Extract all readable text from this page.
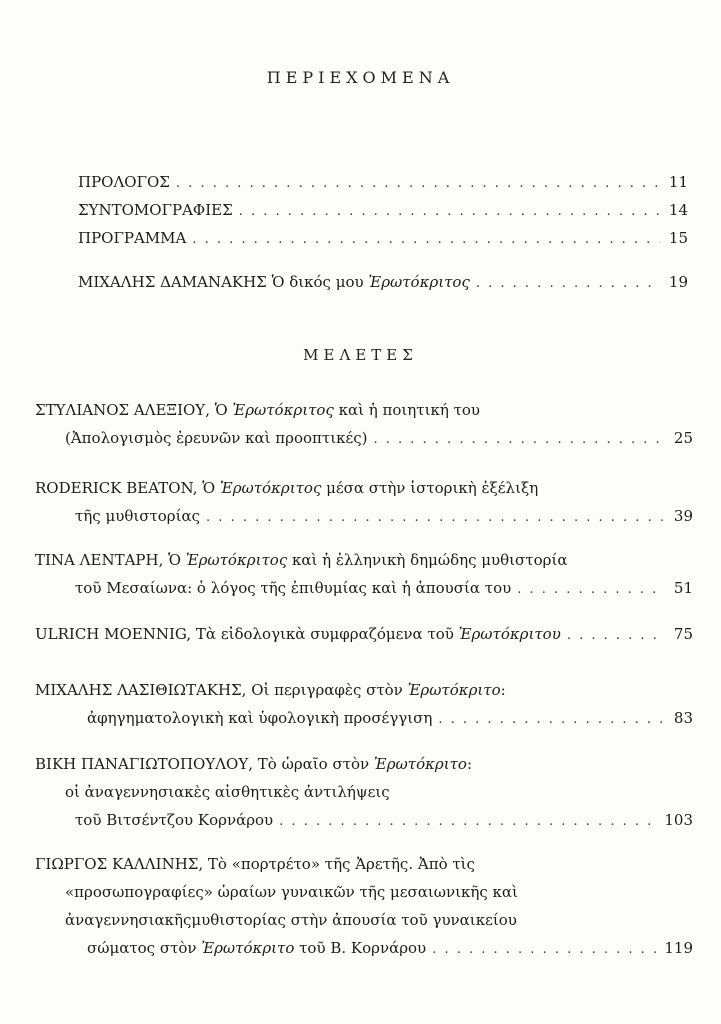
ΠΕΡΙΕΧΟΜΕΝΑ
ΠΡΟΛΟΓΟΣ . . .	11
ΣΥΝΤΟΜΟΓΡΑΦΙΕΣ . . .	14
ΠΡΟΓΡΑΜΜΑ . . .	15
ΜΙΧΑΛΗΣ ΔΑΜΑΝΑΚΗΣ Ὁ δικός μου Ἐρωτόκριτος . . .	19
ΜΕΛΕΤΕΣ
ΣΤΥΛΙΑΝΟΣ ΑΛΕΞΙΟΥ, Ὁ Ἐρωτόκριτος καὶ ἡ ποιητική του
(Ἀπολογισμὸς ἐρευνῶν καὶ προοπτικές) . . .	25
RODERICK BEATON, Ὁ Ἐρωτόκριτος μέσα στὴν ἱστορικὴ ἐξέλιξη
τῆς μυθιστορίας . . .	39
ΤΙΝΑ ΛΕΝΤΑΡΗ, Ὁ Ἐρωτόκριτος καὶ ἡ ἑλληνικὴ δημώδης μυθιστορία
τοῦ Μεσαίωνα: ὁ λόγος τῆς ἐπιθυμίας καὶ ἡ ἀπουσία του . . .	51
ULRICH MOENNIG, Τὰ εἰδολογικὰ συμφραζόμενα τοῦ Ἐρωτόκριτου . . .	75
ΜΙΧΑΛΗΣ ΛΑΣΙΘΙΩΤΑΚΗΣ, Οἱ περιγραφὲς στὸν Ἐρωτόκριτο:
ἀφηγηματολογικὴ καὶ ὑφολογικὴ προσέγγιση . . .	83
ΒΙΚΗ ΠΑΝΑΓΙΩΤΟΠΟΥΛΟΥ, Τὸ ὡραῖο στὸν Ἐρωτόκριτο:
οἱ ἀναγεννησιακὲς αἰσθητικὲς ἀντιλήψεις
τοῦ Βιτσέντζου Κορνάρου . . .	103
ΓΙΩΡΓΟΣ ΚΑΛΛΙΝΗΣ, Τὸ «πορτρέτο» τῆς Ἀρετῆς. Ἀπὸ τὶς
«προσωπογραφίες» ὡραίων γυναικῶν τῆς μεσαιωνικῆς καὶ
ἀναγεννησιακῆςμυθιστορίας στὴν ἀπουσία τοῦ γυναικείου
σώματος στὸν Ἐρωτόκριτο τοῦ Β. Κορνάρου . . .	119
